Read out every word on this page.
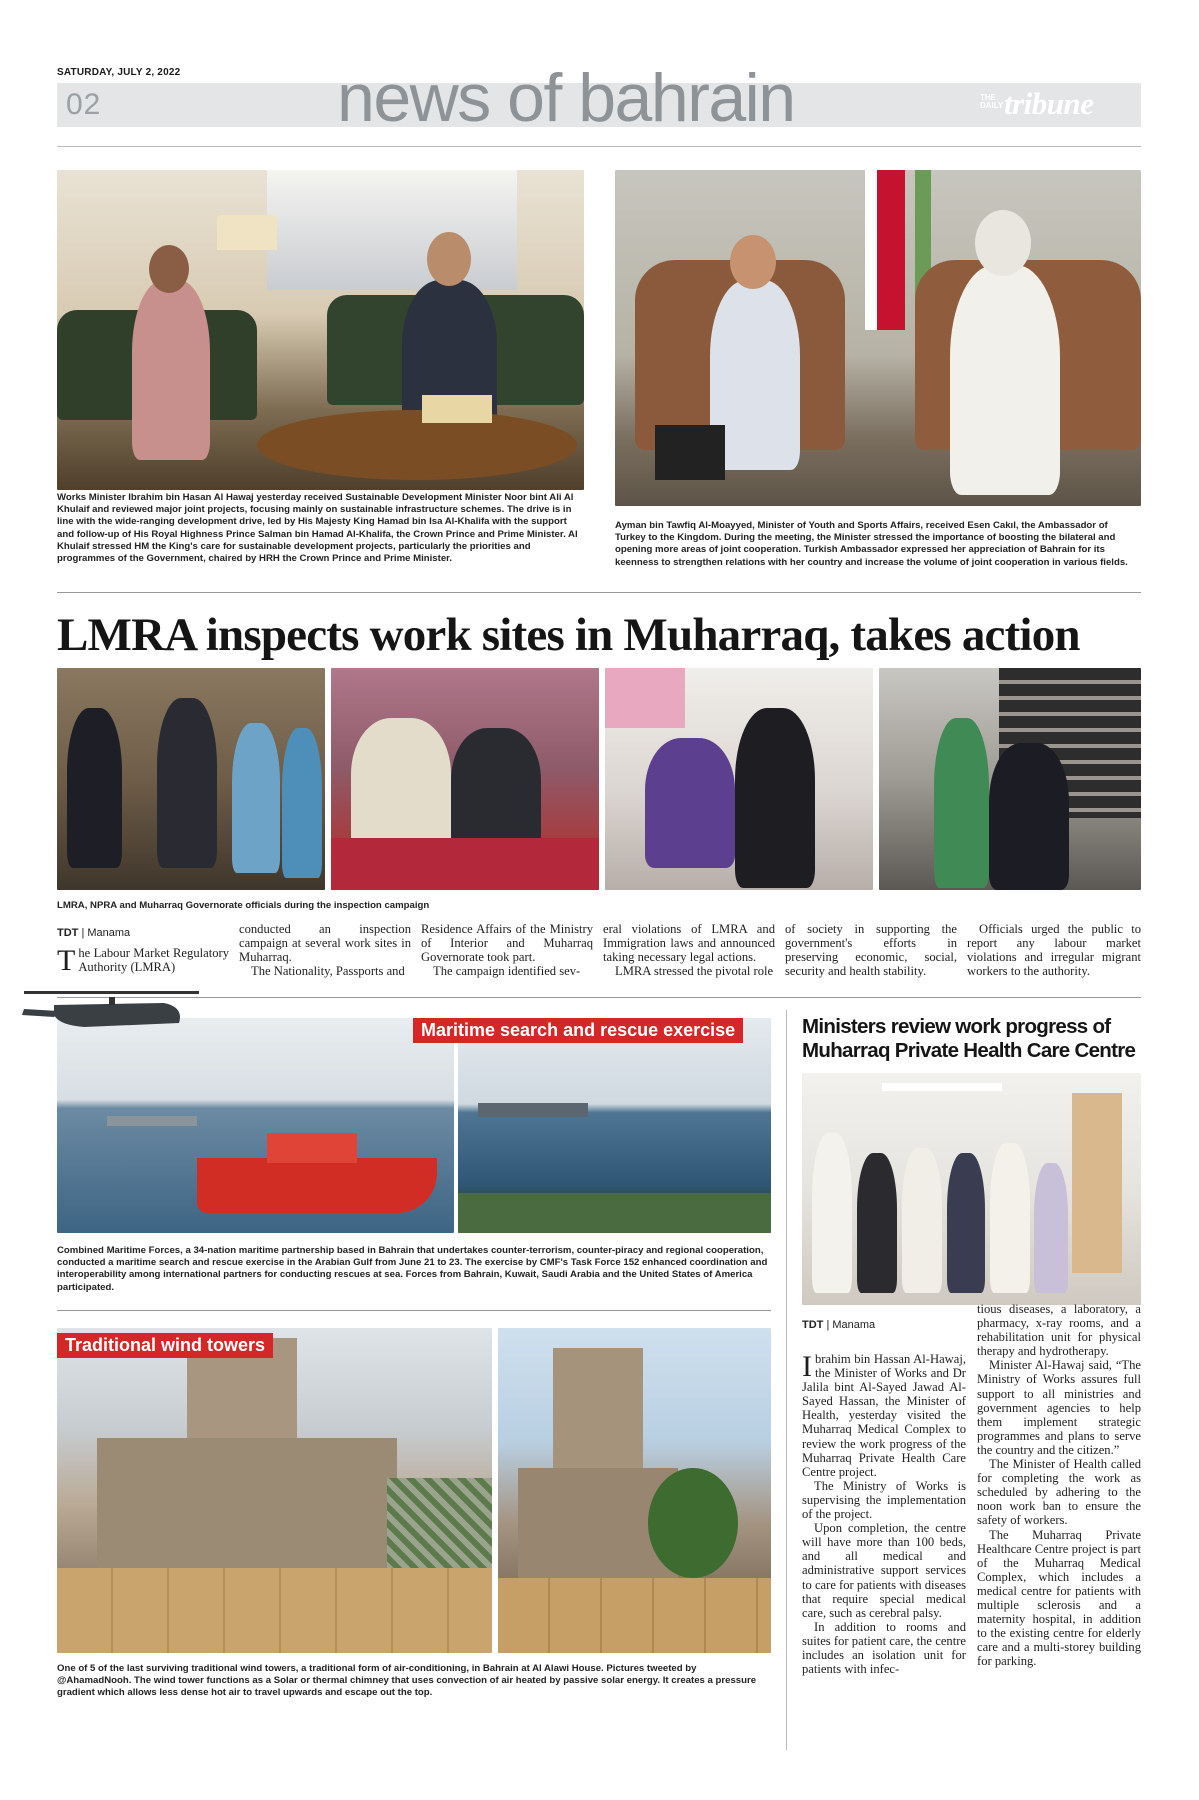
SATURDAY, JULY 2, 2022
02	news of bahrain	THE DAILY tribune
Works Minister Ibrahim bin Hasan Al Hawaj yesterday received Sustainable Development Minister Noor bint Ali Al Khulaif and reviewed major joint projects, focusing mainly on sustainable infrastructure schemes. The drive is in line with the wide-ranging development drive, led by His Majesty King Hamad bin Isa Al-Khalifa with the support and follow-up of His Royal Highness Prince Salman bin Hamad Al-Khalifa, the Crown Prince and Prime Minister. Al Khulaif stressed HM the King's care for sustainable development projects, particularly the priorities and programmes of the Government, chaired by HRH the Crown Prince and Prime Minister.
Ayman bin Tawfiq Al-Moayyed, Minister of Youth and Sports Affairs, received Esen Cakıl, the Ambassador of Turkey to the Kingdom. During the meeting, the Minister stressed the importance of boosting the bilateral and opening more areas of joint cooperation. Turkish Ambassador expressed her appreciation of Bahrain for its keenness to strengthen relations with her country and increase the volume of joint cooperation in various fields.
LMRA inspects work sites in Muharraq, takes action
LMRA, NPRA and Muharraq Governorate officials during the inspection campaign
TDT | Manama

The Labour Market Regulatory Authority (LMRA)

conducted an inspection campaign at several work sites in Muharraq.

The Nationality, Passports and

Residence Affairs of the Ministry of Interior and Muharraq Governorate took part.

The campaign identified sev-

eral violations of LMRA and Immigration laws and announced taking necessary legal actions.

LMRA stressed the pivotal role

of society in supporting the government's efforts in preserving economic, social, security and health stability.

Officials urged the public to report any labour market violations and irregular migrant workers to the authority.

Maritime search and rescue exercise
Combined Maritime Forces, a 34-nation maritime partnership based in Bahrain that undertakes counter-terrorism, counter-piracy and regional cooperation, conducted a maritime search and rescue exercise in the Arabian Gulf from June 21 to 23. The exercise by CMF's Task Force 152 enhanced coordination and interoperability among international partners for conducting rescues at sea. Forces from Bahrain, Kuwait, Saudi Arabia and the United States of America participated.
Traditional wind towers
One of 5 of the last surviving traditional wind towers, a traditional form of air-conditioning, in Bahrain at Al Alawi House. Pictures tweeted by @AhamadNooh. The wind tower functions as a Solar or thermal chimney that uses convection of air heated by passive solar energy. It creates a pressure gradient which allows less dense hot air to travel upwards and escape out the top.
Ministers review work progress of
Muharraq Private Health Care Centre
TDT | Manama

Ibrahim bin Hassan Al-Hawaj, the Minister of Works and Dr Jalila bint Al-Sayed Jawad Al-Sayed Hassan, the Minister of Health, yesterday visited the Muharraq Medical Complex to review the work progress of the Muharraq Private Health Care Centre project.

The Ministry of Works is supervising the implementation of the project.

Upon completion, the centre will have more than 100 beds, and all medical and administrative support services to care for patients with diseases that require special medical care, such as cerebral palsy.

In addition to rooms and suites for patient care, the centre includes an isolation unit for patients with infec-

tious diseases, a laboratory, a pharmacy, x-ray rooms, and a rehabilitation unit for physical therapy and hydrotherapy.

Minister Al-Hawaj said, “The Ministry of Works assures full support to all ministries and government agencies to help them implement strategic programmes and plans to serve the country and the citizen.”

The Minister of Health called for completing the work as scheduled by adhering to the noon work ban to ensure the safety of workers.

The Muharraq Private Healthcare Centre project is part of the Muharraq Medical Complex, which includes a medical centre for patients with multiple sclerosis and a maternity hospital, in addition to the existing centre for elderly care and a multi-storey building for parking.
